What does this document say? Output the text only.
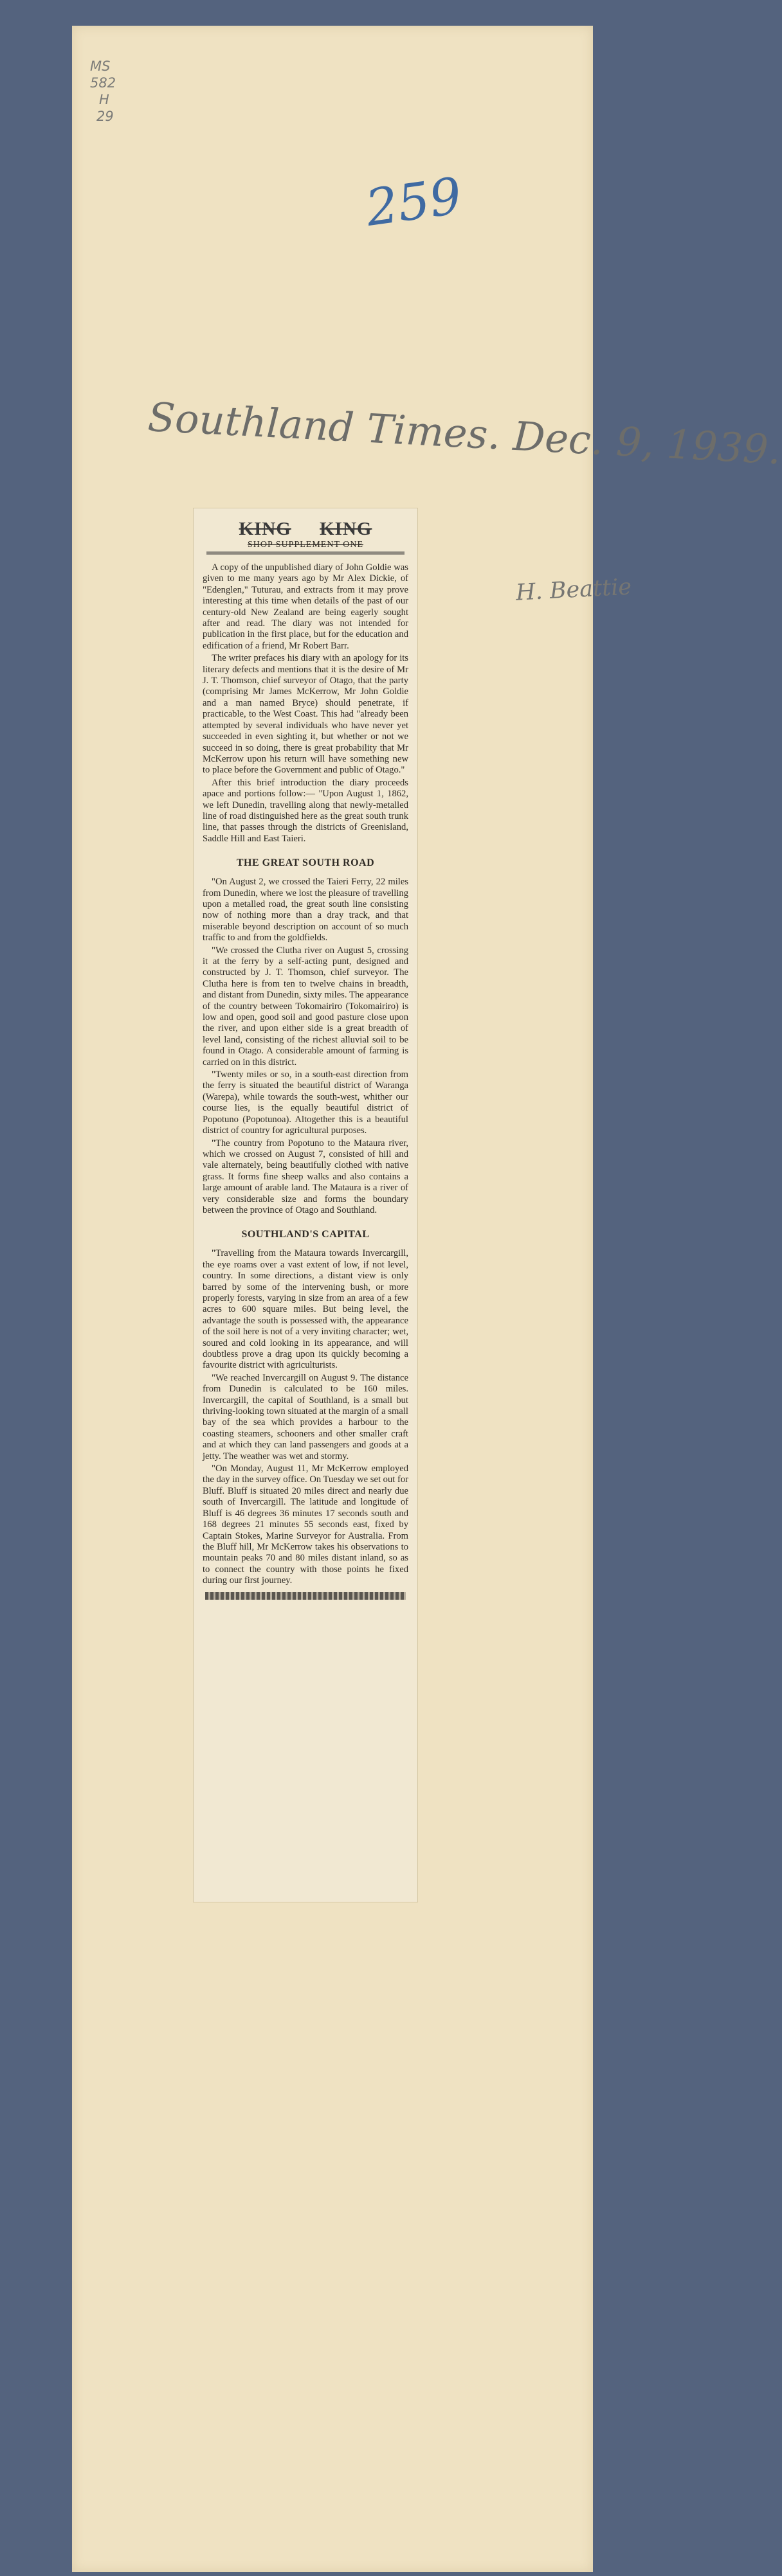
MS
582
H
29
259
Southland Times. Dec. 9, 1939.
H. Beattie
KING KING
SHOP SUPPLEMENT ONE

A copy of the unpublished diary of John Goldie was given to me many years ago by Mr Alex Dickie, of "Edenglen," Tuturau, and extracts from it may prove interesting at this time when details of the past of our century-old New Zealand are being eagerly sought after and read. The diary was not intended for publication in the first place, but for the education and edification of a friend, Mr Robert Barr.

The writer prefaces his diary with an apology for its literary defects and mentions that it is the desire of Mr J. T. Thomson, chief surveyor of Otago, that the party (comprising Mr James McKerrow, Mr John Goldie and a man named Bryce) should penetrate, if practicable, to the West Coast. This had "already been attempted by several individuals who have never yet succeeded in even sighting it, but whether or not we succeed in so doing, there is great probability that Mr McKerrow upon his return will have something new to place before the Government and public of Otago."

After this brief introduction the diary proceeds apace and portions follow:— "Upon August 1, 1862, we left Dunedin, travelling along that newly-metalled line of road distinguished here as the great south trunk line, that passes through the districts of Greenisland, Saddle Hill and East Taieri.

THE GREAT SOUTH ROAD

"On August 2, we crossed the Taieri Ferry, 22 miles from Dunedin, where we lost the pleasure of travelling upon a metalled road, the great south line consisting now of nothing more than a dray track, and that miserable beyond description on account of so much traffic to and from the goldfields.

"We crossed the Clutha river on August 5, crossing it at the ferry by a self-acting punt, designed and constructed by J. T. Thomson, chief surveyor. The Clutha here is from ten to twelve chains in breadth, and distant from Dunedin, sixty miles. The appearance of the country between Tokomairiro (Tokomairiro) is low and open, good soil and good pasture close upon the river, and upon either side is a great breadth of level land, consisting of the richest alluvial soil to be found in Otago. A considerable amount of farming is carried on in this district.

"Twenty miles or so, in a south-east direction from the ferry is situated the beautiful district of Waranga (Warepa), while towards the south-west, whither our course lies, is the equally beautiful district of Popotuno (Popotunoa). Altogether this is a beautiful district of country for agricultural purposes.

"The country from Popotuno to the Mataura river, which we crossed on August 7, consisted of hill and vale alternately, being beautifully clothed with native grass. It forms fine sheep walks and also contains a large amount of arable land. The Mataura is a river of very considerable size and forms the boundary between the province of Otago and Southland.

SOUTHLAND'S CAPITAL

"Travelling from the Mataura towards Invercargill, the eye roams over a vast extent of low, if not level, country. In some directions, a distant view is only barred by some of the intervening bush, or more properly forests, varying in size from an area of a few acres to 600 square miles. But being level, the advantage the south is possessed with, the appearance of the soil here is not of a very inviting character; wet, soured and cold looking in its appearance, and will doubtless prove a drag upon its quickly becoming a favourite district with agriculturists.

"We reached Invercargill on August 9. The distance from Dunedin is calculated to be 160 miles. Invercargill, the capital of Southland, is a small but thriving-looking town situated at the margin of a small bay of the sea which provides a harbour to the coasting steamers, schooners and other smaller craft and at which they can land passengers and goods at a jetty. The weather was wet and stormy.

"On Monday, August 11, Mr McKerrow employed the day in the survey office. On Tuesday we set out for Bluff. Bluff is situated 20 miles direct and nearly due south of Invercargill. The latitude and longitude of Bluff is 46 degrees 36 minutes 17 seconds south and 168 degrees 21 minutes 55 seconds east, fixed by Captain Stokes, Marine Surveyor for Australia. From the Bluff hill, Mr McKerrow takes his observations to mountain peaks 70 and 80 miles distant inland, so as to connect the country with those points he fixed during our first journey.
